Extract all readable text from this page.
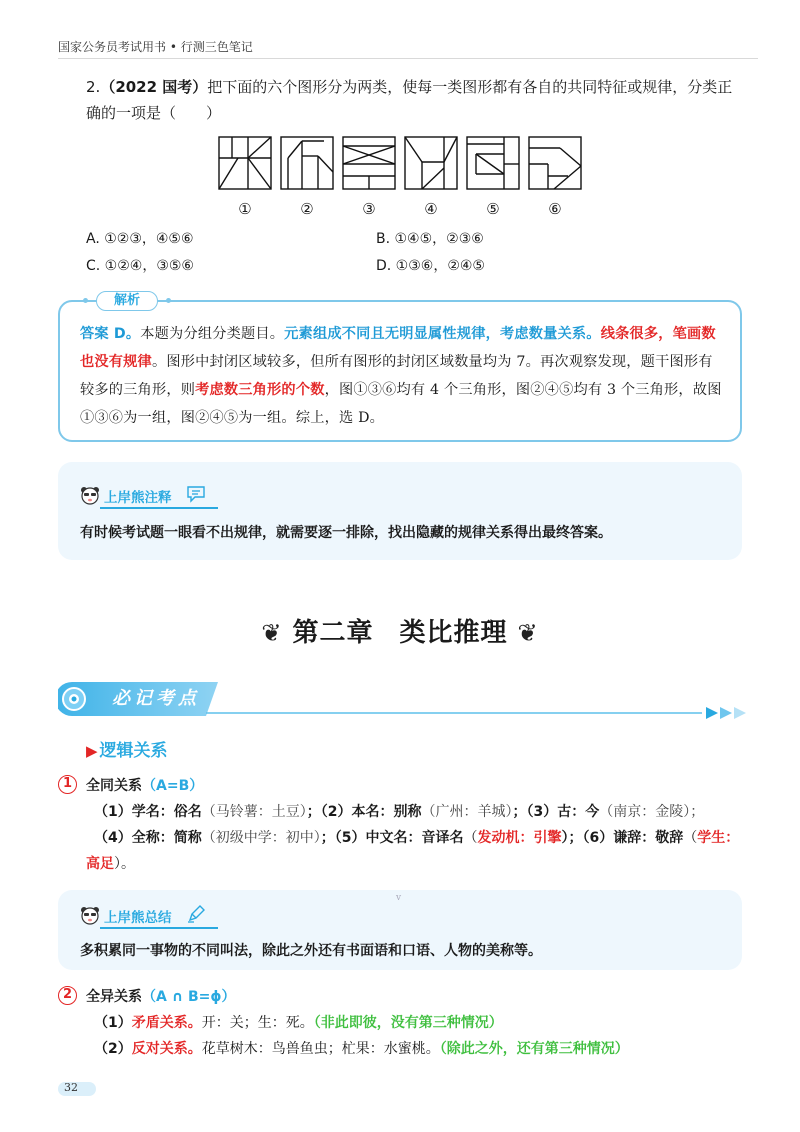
国家公务员考试用书 • 行测三色笔记
2.（2022 国考）把下面的六个图形分为两类，使每一类图形都有各自的共同特征或规律，分类正
确的一项是（　　）
①	②	③	④	⑤	⑥
A. ①②③，④⑤⑥	B. ①④⑤，②③⑥
C. ①②④，③⑤⑥	D. ①③⑥，②④⑤
解析
答案 D。本题为分组分类题目。元素组成不同且无明显属性规律，考虑数量关系。线条很多，笔画数也没有规律。图形中封闭区域较多，但所有图形的封闭区域数量均为 7。再次观察发现，题干图形有较多的三角形，则考虑数三角形的个数，图①③⑥均有 4 个三角形，图②④⑤均有 3 个三角形，故图①③⑥为一组，图②④⑤为一组。综上，选 D。
上岸熊注释
有时候考试题一眼看不出规律，就需要逐一排除，找出隐藏的规律关系得出最终答案。
❦ 第二章 类比推理 ❦
必记考点
▶ 逻辑关系
1 全同关系（A=B）
（1）学名：俗名（马铃薯：土豆）；（2）本名：别称（广州：羊城）；（3）古：今（南京：金陵）；
（4）全称：简称（初级中学：初中）；（5）中文名：音译名（发动机：引擎）；（6）谦辞：敬辞（学生：
高足）。
v
上岸熊总结
多积累同一事物的不同叫法，除此之外还有书面语和口语、人物的美称等。
2 全异关系（A ∩ B=ϕ）
（1）矛盾关系。开：关；生：死。（非此即彼，没有第三种情况）
（2）反对关系。花草树木：鸟兽鱼虫；杧果：水蜜桃。（除此之外，还有第三种情况）
32
